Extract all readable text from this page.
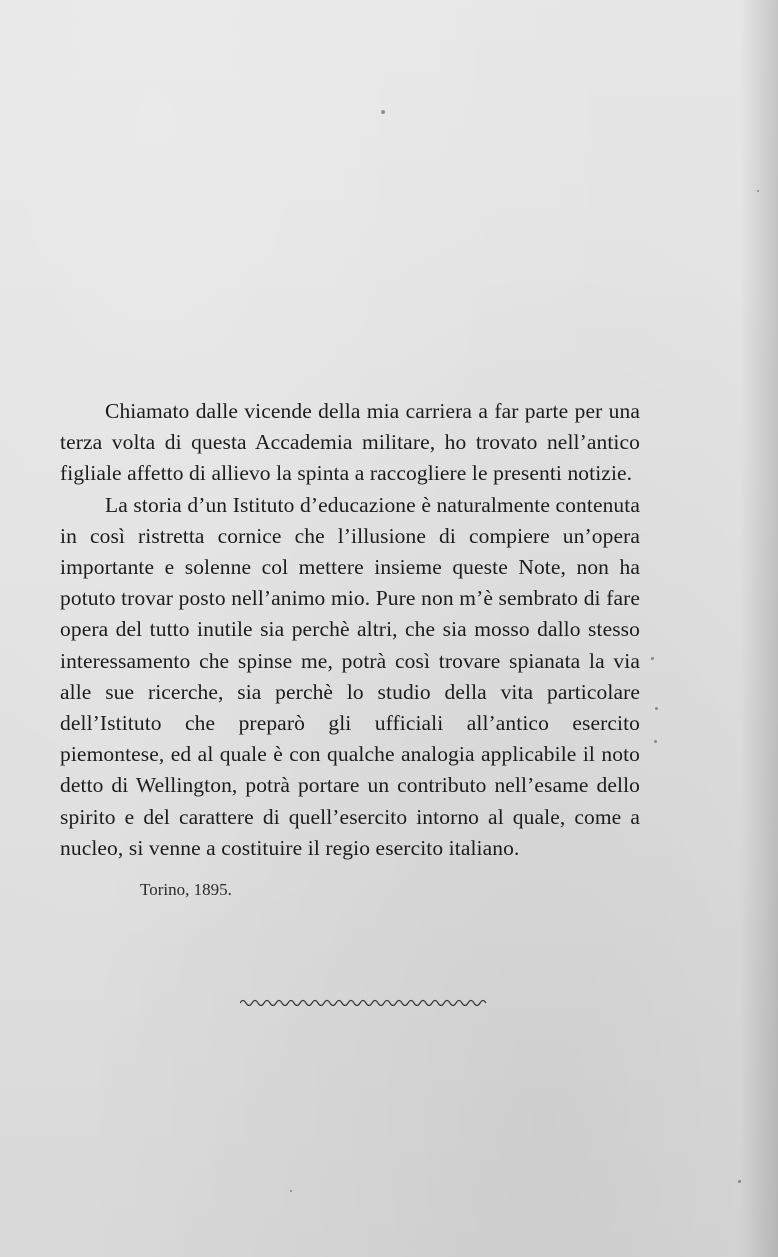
Chiamato dalle vicende della mia carriera a far parte per una terza volta di questa Accademia militare, ho trovato nell’antico figliale affetto di allievo la spinta a raccogliere le presenti notizie.

La storia d’un Istituto d’educazione è naturalmente contenuta in così ristretta cornice che l’illusione di compiere un’opera importante e solenne col mettere insieme queste Note, non ha potuto trovar posto nell’animo mio. Pure non m’è sembrato di fare opera del tutto inutile sia perchè altri, che sia mosso dallo stesso interessamento che spinse me, potrà così trovare spianata la via alle sue ricerche, sia perchè lo studio della vita particolare dell’Istituto che preparò gli ufficiali all’antico esercito piemontese, ed al quale è con qualche analogia applicabile il noto detto di Wellington, potrà portare un contributo nell’esame dello spirito e del carattere di quell’esercito intorno al quale, come a nucleo, si venne a costituire il regio esercito italiano.

Torino, 1895.
